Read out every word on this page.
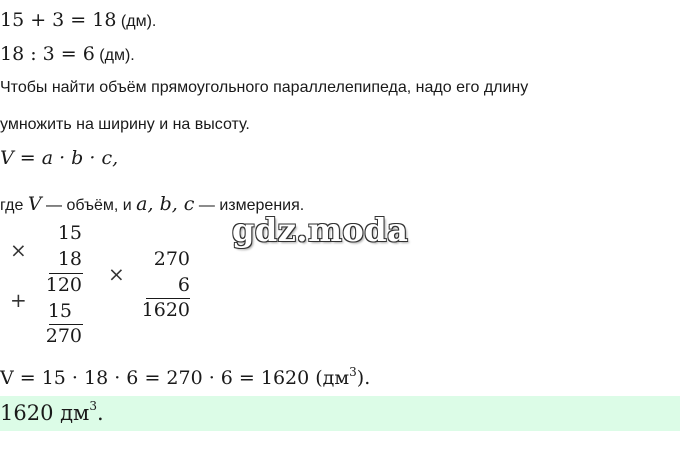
15 + 3 = 18 (дм).
18 : 3 = 6 (дм).
Чтобы найти объём прямоугольного параллелепипеда, надо его длину
умножить на ширину и на высоту.
V = a · b · c,
где V — объём, и a, b, c — измерения.
×
15
18
+
120
15
270
×
270
6
1620
gdz.moda
V = 15 · 18 · 6 = 270 · 6 = 1620 $(дм^3)$.
1620 $дм^3$.
